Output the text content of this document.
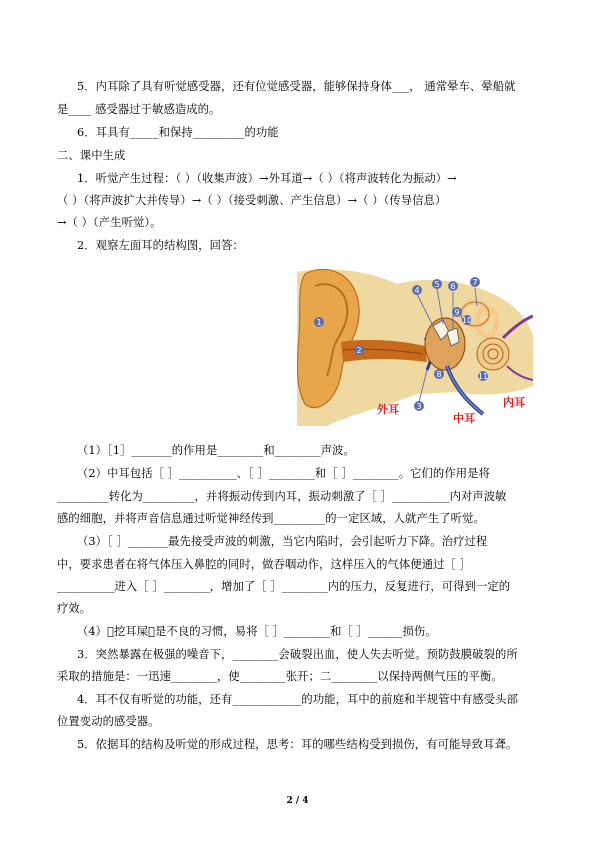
5．内耳除了具有听觉感受器，还有位觉感受器，能够保持身体___， 通常晕车、晕船就
是____ 感受器过于敏感造成的。
6．耳具有_____和保持_________的功能
二、课中生成
1．听觉产生过程：（ ）（收集声波）→外耳道→（ ）（将声波转化为振动）→
（ ）（将声波扩大并传导）→（ ）（接受刺激、产生信息）→（ ）（传导信息）
→（ ）（产生听觉）。
2．观察左面耳的结构图，回答：
1
2
3
4
5 6 7
8
9
10
11
外耳
中耳
内耳
（1）［1］_______的作用是________和________声波。
（2）中耳包括［ ］__________、［ ］________和［ ］________。它们的作用是将
_________转化为_________，并将振动传到内耳，振动刺激了［ ］__________内对声波敏
感的细胞，并将声音信息通过听觉神经传到_________的一定区域，人就产生了听觉。
（3）［ ］_______最先接受声波的刺激，当它内陷时，会引起听力下降。治疗过程
中，要求患者在将气体压入鼻腔的同时，做吞咽动作，这样压入的气体便通过［ ］
__________进入［ ］________，增加了［ ］________内的压力，反复进行，可得到一定的
疗效。
（4） 挖耳屎 是不良的习惯，易将［ ］________和［ ］______损伤。
3．突然暴露在极强的噪音下，________会破裂出血，使人失去听觉。预防鼓膜破裂的所
采取的措施是：一迅速________，使________张开；二________以保持两侧气压的平衡。
4．耳不仅有听觉的功能，还有____________的功能，耳中的前庭和半规管中有感受头部
位置变动的感受器。
5．依据耳的结构及听觉的形成过程，思考：耳的哪些结构受到损伤，有可能导致耳聋。
2 / 4
